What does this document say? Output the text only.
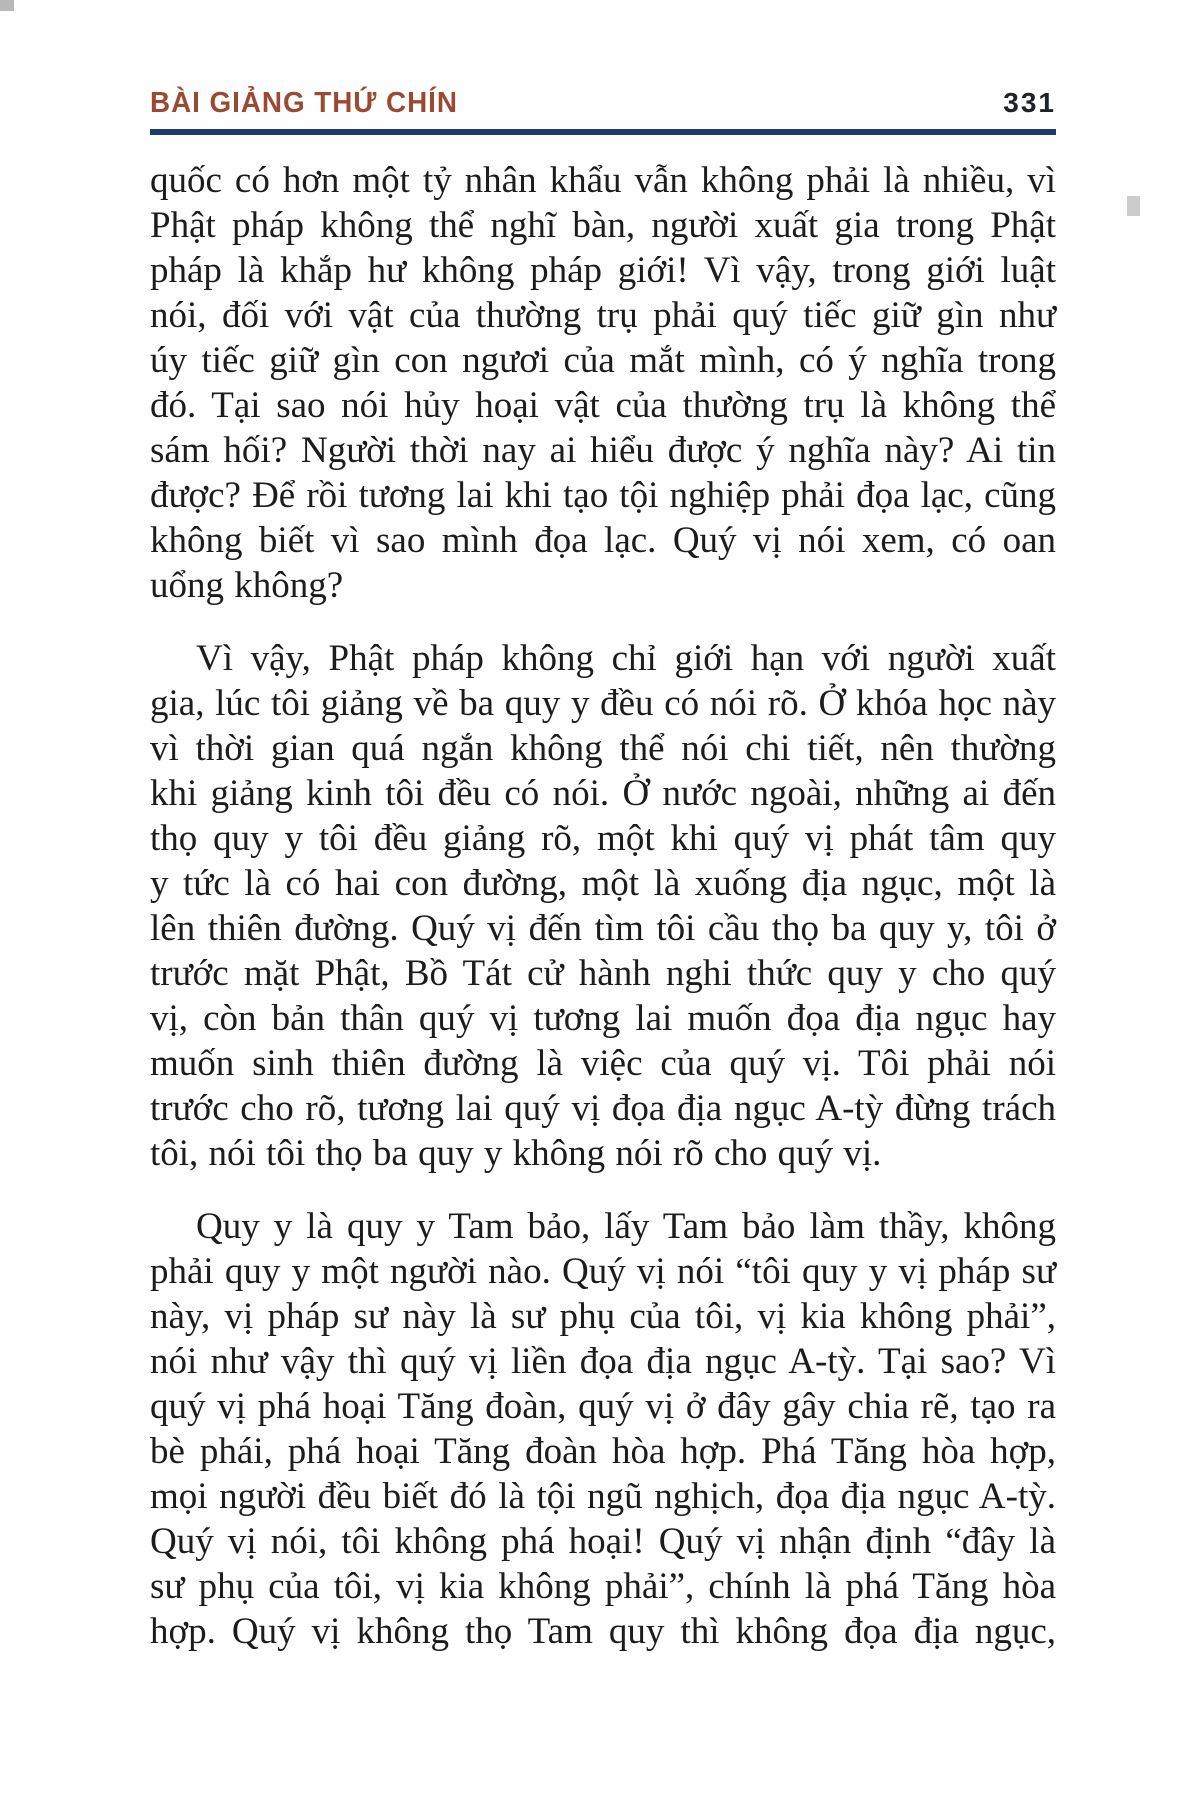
BÀI GIẢNG THỨ CHÍN	331
quốc có hơn một tỷ nhân khẩu vẫn không phải là nhiều, vì
Phật pháp không thể nghĩ bàn, người xuất gia trong Phật
pháp là khắp hư không pháp giới! Vì vậy, trong giới luật
nói, đối với vật của thường trụ phải quý tiếc giữ gìn như
úy tiếc giữ gìn con ngươi của mắt mình, có ý nghĩa trong
đó. Tại sao nói hủy hoại vật của thường trụ là không thể
sám hối? Người thời nay ai hiểu được ý nghĩa này? Ai tin
được? Để rồi tương lai khi tạo tội nghiệp phải đọa lạc, cũng
không biết vì sao mình đọa lạc. Quý vị nói xem, có oan
uổng không?
Vì vậy, Phật pháp không chỉ giới hạn với người xuất
gia, lúc tôi giảng về ba quy y đều có nói rõ. Ở khóa học này
vì thời gian quá ngắn không thể nói chi tiết, nên thường
khi giảng kinh tôi đều có nói. Ở nước ngoài, những ai đến
thọ quy y tôi đều giảng rõ, một khi quý vị phát tâm quy
y tức là có hai con đường, một là xuống địa ngục, một là
lên thiên đường. Quý vị đến tìm tôi cầu thọ ba quy y, tôi ở
trước mặt Phật, Bồ Tát cử hành nghi thức quy y cho quý
vị, còn bản thân quý vị tương lai muốn đọa địa ngục hay
muốn sinh thiên đường là việc của quý vị. Tôi phải nói
trước cho rõ, tương lai quý vị đọa địa ngục A-tỳ đừng trách
tôi, nói tôi thọ ba quy y không nói rõ cho quý vị.
Quy y là quy y Tam bảo, lấy Tam bảo làm thầy, không
phải quy y một người nào. Quý vị nói “tôi quy y vị pháp sư
này, vị pháp sư này là sư phụ của tôi, vị kia không phải”,
nói như vậy thì quý vị liền đọa địa ngục A-tỳ. Tại sao? Vì
quý vị phá hoại Tăng đoàn, quý vị ở đây gây chia rẽ, tạo ra
bè phái, phá hoại Tăng đoàn hòa hợp. Phá Tăng hòa hợp,
mọi người đều biết đó là tội ngũ nghịch, đọa địa ngục A-tỳ.
Quý vị nói, tôi không phá hoại! Quý vị nhận định “đây là
sư phụ của tôi, vị kia không phải”, chính là phá Tăng hòa
hợp. Quý vị không thọ Tam quy thì không đọa địa ngục,
